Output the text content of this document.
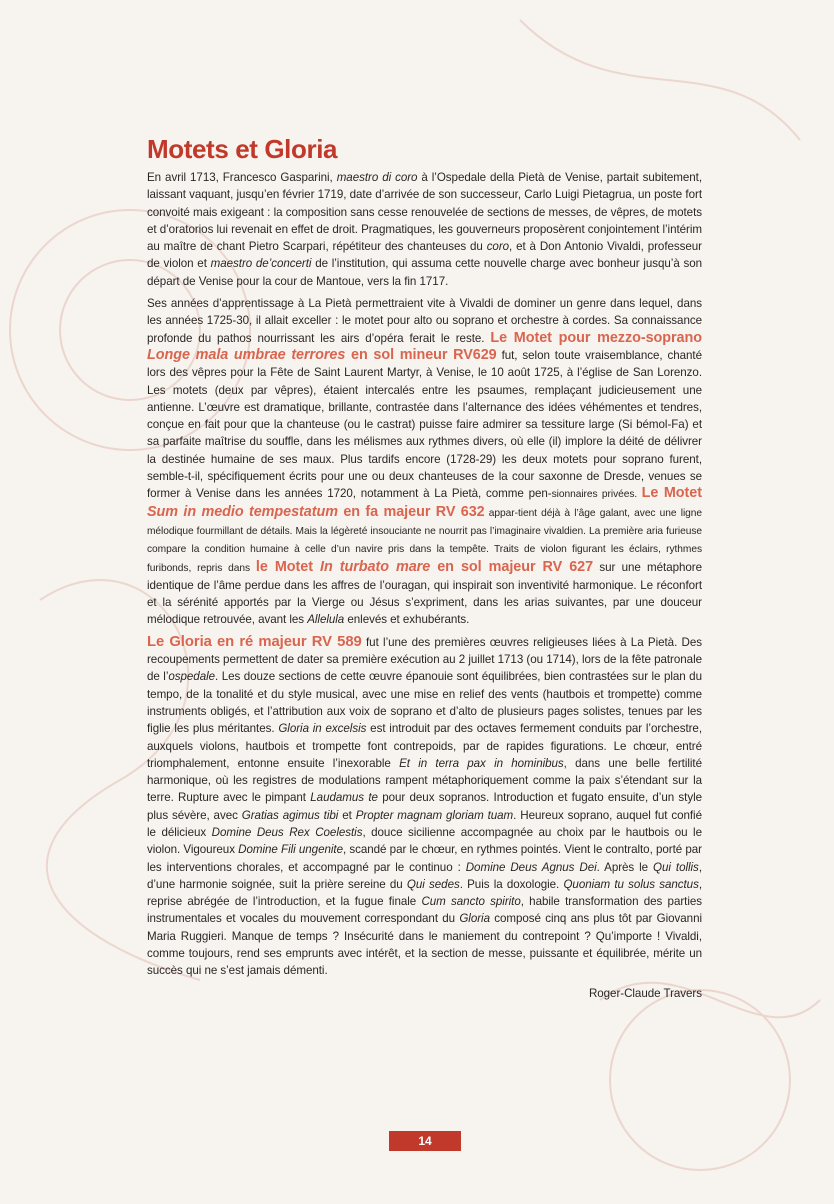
Motets et Gloria

En avril 1713, Francesco Gasparini, maestro di coro à l’Ospedale della Pietà de Venise, partait subitement, laissant vaquant, jusqu’en février 1719, date d’arrivée de son successeur, Carlo Luigi Pietagrua, un poste fort convoité mais exigeant : la composition sans cesse renouvelée de sections de messes, de vêpres, de motets et d’oratorios lui revenait en effet de droit. Pragmatiques, les gouverneurs proposèrent conjointement l’intérim au maître de chant Pietro Scarpari, répétiteur des chanteuses du coro, et à Don Antonio Vivaldi, professeur de violon et maestro de’concerti de l’institution, qui assuma cette nouvelle charge avec bonheur jusqu’à son départ de Venise pour la cour de Mantoue, vers la fin 1717.

Ses années d’apprentissage à La Pietà permettraient vite à Vivaldi de dominer un genre dans lequel, dans les années 1725-30, il allait exceller : le motet pour alto ou soprano et orchestre à cordes. Sa connaissance profonde du pathos nourrissant les airs d’opéra ferait le reste. Le Motet pour mezzo-soprano Longe mala umbrae terrores en sol mineur RV629 fut, selon toute vraisemblance, chanté lors des vêpres pour la Fête de Saint Laurent Martyr, à Venise, le 10 août 1725, à l’église de San Lorenzo. Les motets (deux par vêpres), étaient intercalés entre les psaumes, remplaçant judicieusement une antienne. L’œuvre est dramatique, brillante, contrastée dans l’alternance des idées véhémentes et tendres, conçue en fait pour que la chanteuse (ou le castrat) puisse faire admirer sa tessiture large (Si bémol-Fa) et sa parfaite maîtrise du souffle, dans les mélismes aux rythmes divers, où elle (il) implore la déité de délivrer la destinée humaine de ses maux. Plus tardifs encore (1728-29) les deux motets pour soprano furent, semble-t-il, spécifiquement écrits pour une ou deux chanteuses de la cour saxonne de Dresde, venues se former à Venise dans les années 1720, notamment à La Pietà, comme pen-sionnaires privées. Le Motet Sum in medio tempestatum en fa majeur RV 632 appar-tient déjà à l’âge galant, avec une ligne mélodique fourmillant de détails. Mais la légèreté insouciante ne nourrit pas l’imaginaire vivaldien. La première aria furieuse compare la condition humaine à celle d’un navire pris dans la tempête. Traits de violon figurant les éclairs, rythmes furibonds, repris dans le Motet In turbato mare en sol majeur RV 627 sur une métaphore identique de l’âme perdue dans les affres de l’ouragan, qui inspirait son inventivité harmonique. Le réconfort et la sérénité apportés par la Vierge ou Jésus s’expriment, dans les arias suivantes, par une douceur mélodique retrouvée, avant les Allelula enlevés et exhubérants.

Le Gloria en ré majeur RV 589 fut l’une des premières œuvres religieuses liées à La Pietà. Des recoupements permettent de dater sa première exécution au 2 juillet 1713 (ou 1714), lors de la fête patronale de l’ospedale. Les douze sections de cette œuvre épanouie sont équilibrées, bien contrastées sur le plan du tempo, de la tonalité et du style musical, avec une mise en relief des vents (hautbois et trompette) comme instruments obligés, et l’attribution aux voix de soprano et d’alto de plusieurs pages solistes, tenues par les figlie les plus méritantes. Gloria in excelsis est introduit par des octaves fermement conduits par l’orchestre, auxquels violons, hautbois et trompette font contrepoids, par de rapides figurations. Le chœur, entré triomphalement, entonne ensuite l’inexorable Et in terra pax in hominibus, dans une belle fertilité harmonique, où les registres de modulations rampent métaphoriquement comme la paix s’étendant sur la terre. Rupture avec le pimpant Laudamus te pour deux sopranos. Introduction et fugato ensuite, d’un style plus sévère, avec Gratias agimus tibi et Propter magnam gloriam tuam. Heureux soprano, auquel fut confié le délicieux Domine Deus Rex Coelestis, douce sicilienne accompagnée au choix par le hautbois ou le violon. Vigoureux Domine Fili ungenite, scandé par le chœur, en rythmes pointés. Vient le contralto, porté par les interventions chorales, et accompagné par le continuo : Domine Deus Agnus Dei. Après le Qui tollis, d’une harmonie soignée, suit la prière sereine du Qui sedes. Puis la doxologie. Quoniam tu solus sanctus, reprise abrégée de l’introduction, et la fugue finale Cum sancto spirito, habile transformation des parties instrumentales et vocales du mouvement correspondant du Gloria composé cinq ans plus tôt par Giovanni Maria Ruggieri. Manque de temps ? Insécurité dans le maniement du contrepoint ? Qu’importe ! Vivaldi, comme toujours, rend ses emprunts avec intérêt, et la section de messe, puissante et équilibrée, mérite un succès qui ne s’est jamais démenti.

Roger-Claude Travers
14
